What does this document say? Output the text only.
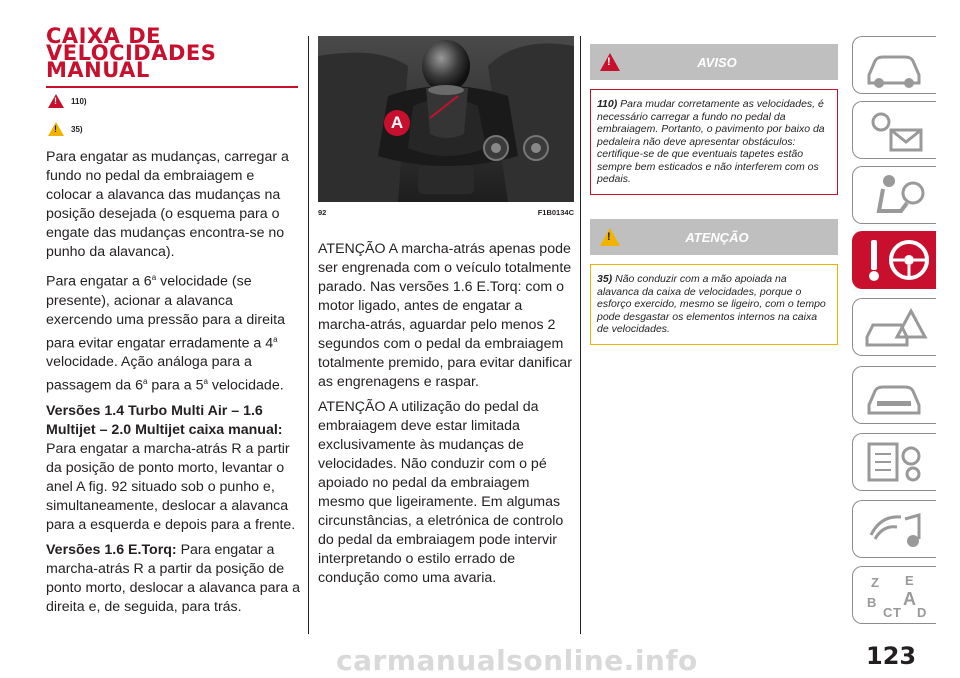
CAIXA DE
VELOCIDADES
MANUAL
!
110)
!
35)

Para engatar as mudanças, carregar a fundo no pedal da embraiagem e colocar a alavanca das mudanças na posição desejada (o esquema para o engate das mudanças encontra-se no punho da alavanca).

Para engatar a 6$^a$ velocidade (se presente), acionar a alavanca exercendo uma pressão para a direita para evitar engatar erradamente a 4$^a$ velocidade. Ação análoga para a passagem da 6$^a$ para a 5$^a$ velocidade.

Versões 1.4 Turbo Multi Air – 1.6 Multijet – 2.0 Multijet caixa manual: Para engatar a marcha-atrás R a partir da posição de ponto morto, levantar o anel A fig. 92 situado sob o punho e, simultaneamente, deslocar a alavanca para a esquerda e depois para a frente.

Versões 1.6 E.Torq: Para engatar a marcha-atrás R a partir da posição de ponto morto, deslocar a alavanca para a direita e, de seguida, para trás.

A
92	F1B0134C

ATENÇÃO A marcha-atrás apenas pode ser engrenada com o veículo totalmente parado. Nas versões 1.6 E.Torq: com o motor ligado, antes de engatar a marcha-atrás, aguardar pelo menos 2 segundos com o pedal da embraiagem totalmente premido, para evitar danificar as engrenagens e raspar.

ATENÇÃO A utilização do pedal da embraiagem deve estar limitada exclusivamente às mudanças de velocidades. Não conduzir com o pé apoiado no pedal da embraiagem mesmo que ligeiramente. Em algumas circunstâncias, a eletrónica de controlo do pedal da embraiagem pode intervir interpretando o estilo errado de condução como uma avaria.

!
AVISO
110) Para mudar corretamente as velocidades, é necessário carregar a fundo no pedal da embraiagem. Portanto, o pavimento por baixo da pedaleira não deve apresentar obstáculos: certifique-se de que eventuais tapetes estão sempre bem esticados e não interferem com os pedais.
!
ATENÇÃO
35) Não conduzir com a mão apoiada na alavanca da caixa de velocidades, porque o esforço exercido, mesmo se ligeiro, com o tempo pode desgastar os elementos internos na caixa de velocidades.
Z E
B A
C T D
carmanualsonline.info	123
